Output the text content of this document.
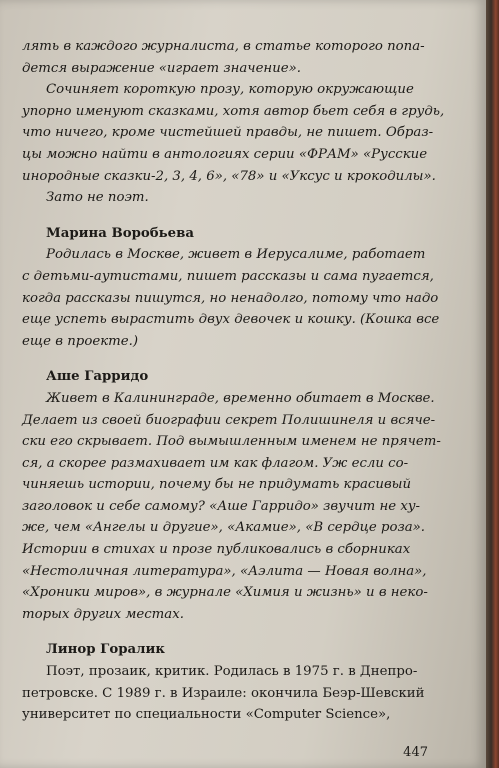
лять в каждого журналиста, в статье которого попа-

дется выражение «играет значение».

Сочиняет короткую прозу, которую окружающие

упорно именуют сказками, хотя автор бьет себя в грудь,

что ничего, кроме чистейшей правды, не пишет. Образ-

цы можно найти в антологиях серии «ФРАМ» «Русские

инородные сказки-2, 3, 4, 6», «78» и «Уксус и крокодилы».

Зато не поэт.

Марина Воробьева

Родилась в Москве, живет в Иерусалиме, работает

с детьми-аутистами, пишет рассказы и сама пугается,

когда рассказы пишутся, но ненадолго, потому что надо

еще успеть вырастить двух девочек и кошку. (Кошка все

еще в проекте.)

Аше Гарридо

Живет в Калининграде, временно обитает в Москве.

Делает из своей биографии секрет Полишинеля и всяче-

ски его скрывает. Под вымышленным именем не прячет-

ся, а скорее размахивает им как флагом. Уж если со-

чиняешь истории, почему бы не придумать красивый

заголовок и себе самому? «Аше Гарридо» звучит не ху-

же, чем «Ангелы и другие», «Акамие», «В сердце роза».

Истории в стихах и прозе публиковались в сборниках

«Нестоличная литература», «Аэлита — Новая волна»,

«Хроники миров», в журнале «Химия и жизнь» и в неко-

торых других местах.

Линор Горалик

Поэт, прозаик, критик. Родилась в 1975 г. в Днепро-

петровске. С 1989 г. в Израиле: окончила Беэр-Шевский

университет по специальности «Computer Science»,

447
